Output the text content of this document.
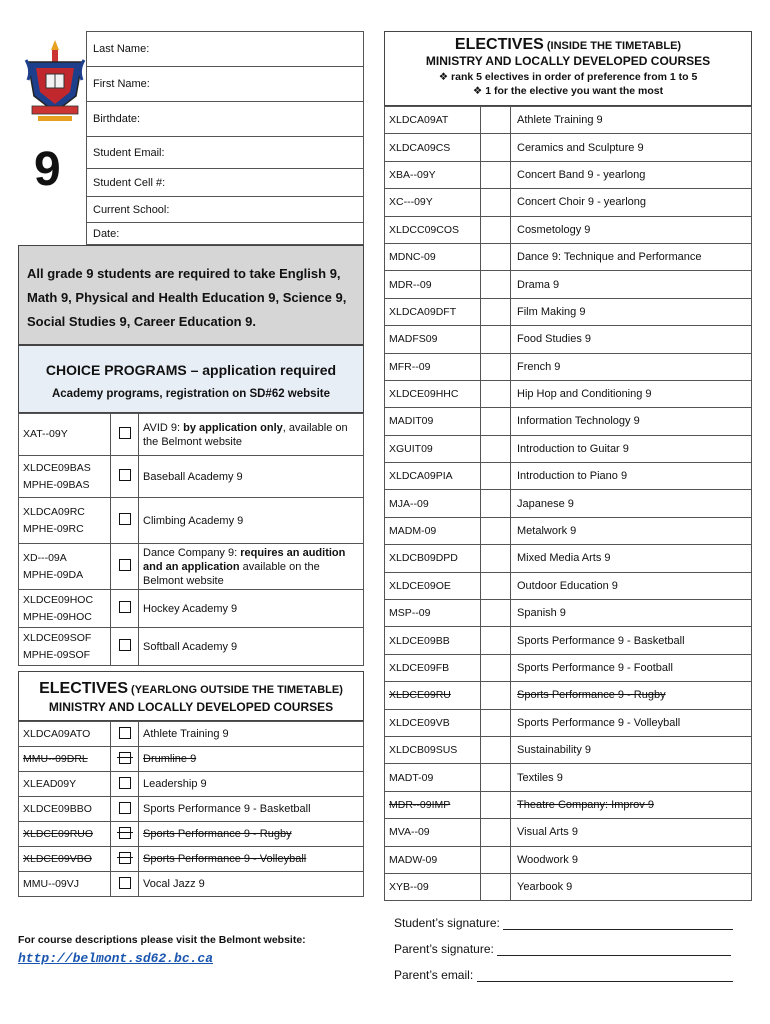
9
Last Name:
First Name:
Birthdate:
Student Email:
Student Cell #:
Current School:
Date:
All grade 9 students are required to take English 9, Math 9, Physical and Health Education 9, Science 9, Social Studies 9, Career Education 9.
CHOICE PROGRAMS – application required
Academy programs, registration on SD#62 website
XAT--09Y		AVID 9: by application only, available on the Belmont website

XLDCE09BAS
MPHE-09BAS		Baseball Academy 9

XLDCA09RC
MPHE-09RC		Climbing Academy 9

XD---09A
MPHE-09DA		Dance Company 9: requires an audition and an application available on the Belmont website

XLDCE09HOC
MPHE-09HOC		Hockey Academy 9

XLDCE09SOF
MPHE-09SOF		Softball Academy 9
ELECTIVES (YEARLONG OUTSIDE THE TIMETABLE)
MINISTRY AND LOCALLY DEVELOPED COURSES
XLDCA09ATO		Athlete Training 9
MMU--09DRL		Drumline 9
XLEAD09Y		Leadership 9
XLDCE09BBO		Sports Performance 9 - Basketball
XLDCE09RUO		Sports Performance 9 - Rugby
XLDCE09VBO		Sports Performance 9 - Volleyball
MMU--09VJ		Vocal Jazz 9
For course descriptions please visit the Belmont website:
http://belmont.sd62.bc.ca
ELECTIVES (INSIDE THE TIMETABLE)
MINISTRY AND LOCALLY DEVELOPED COURSES
❖ rank 5 electives in order of preference from 1 to 5
❖ 1 for the elective you want the most
XLDCA09AT		Athlete Training 9
XLDCA09CS		Ceramics and Sculpture 9
XBA--09Y		Concert Band 9 - yearlong
XC---09Y		Concert Choir 9 - yearlong
XLDCC09COS		Cosmetology 9
MDNC-09		Dance 9: Technique and Performance
MDR--09		Drama 9
XLDCA09DFT		Film Making 9
MADFS09		Food Studies 9
MFR--09		French 9
XLDCE09HHC		Hip Hop and Conditioning 9
MADIT09		Information Technology 9
XGUIT09		Introduction to Guitar 9
XLDCA09PIA		Introduction to Piano 9
MJA--09		Japanese 9
MADM-09		Metalwork 9
XLDCB09DPD		Mixed Media Arts 9
XLDCE09OE		Outdoor Education 9
MSP--09		Spanish 9
XLDCE09BB		Sports Performance 9 - Basketball
XLDCE09FB		Sports Performance 9 - Football
XLDCE09RU		Sports Performance 9 - Rugby
XLDCE09VB		Sports Performance 9 - Volleyball
XLDCB09SUS		Sustainability 9
MADT-09		Textiles 9
MDR--09IMP		Theatre Company: Improv 9
MVA--09		Visual Arts 9
MADW-09		Woodwork 9
XYB--09		Yearbook 9
Student’s signature:
Parent’s signature:
Parent’s email:
